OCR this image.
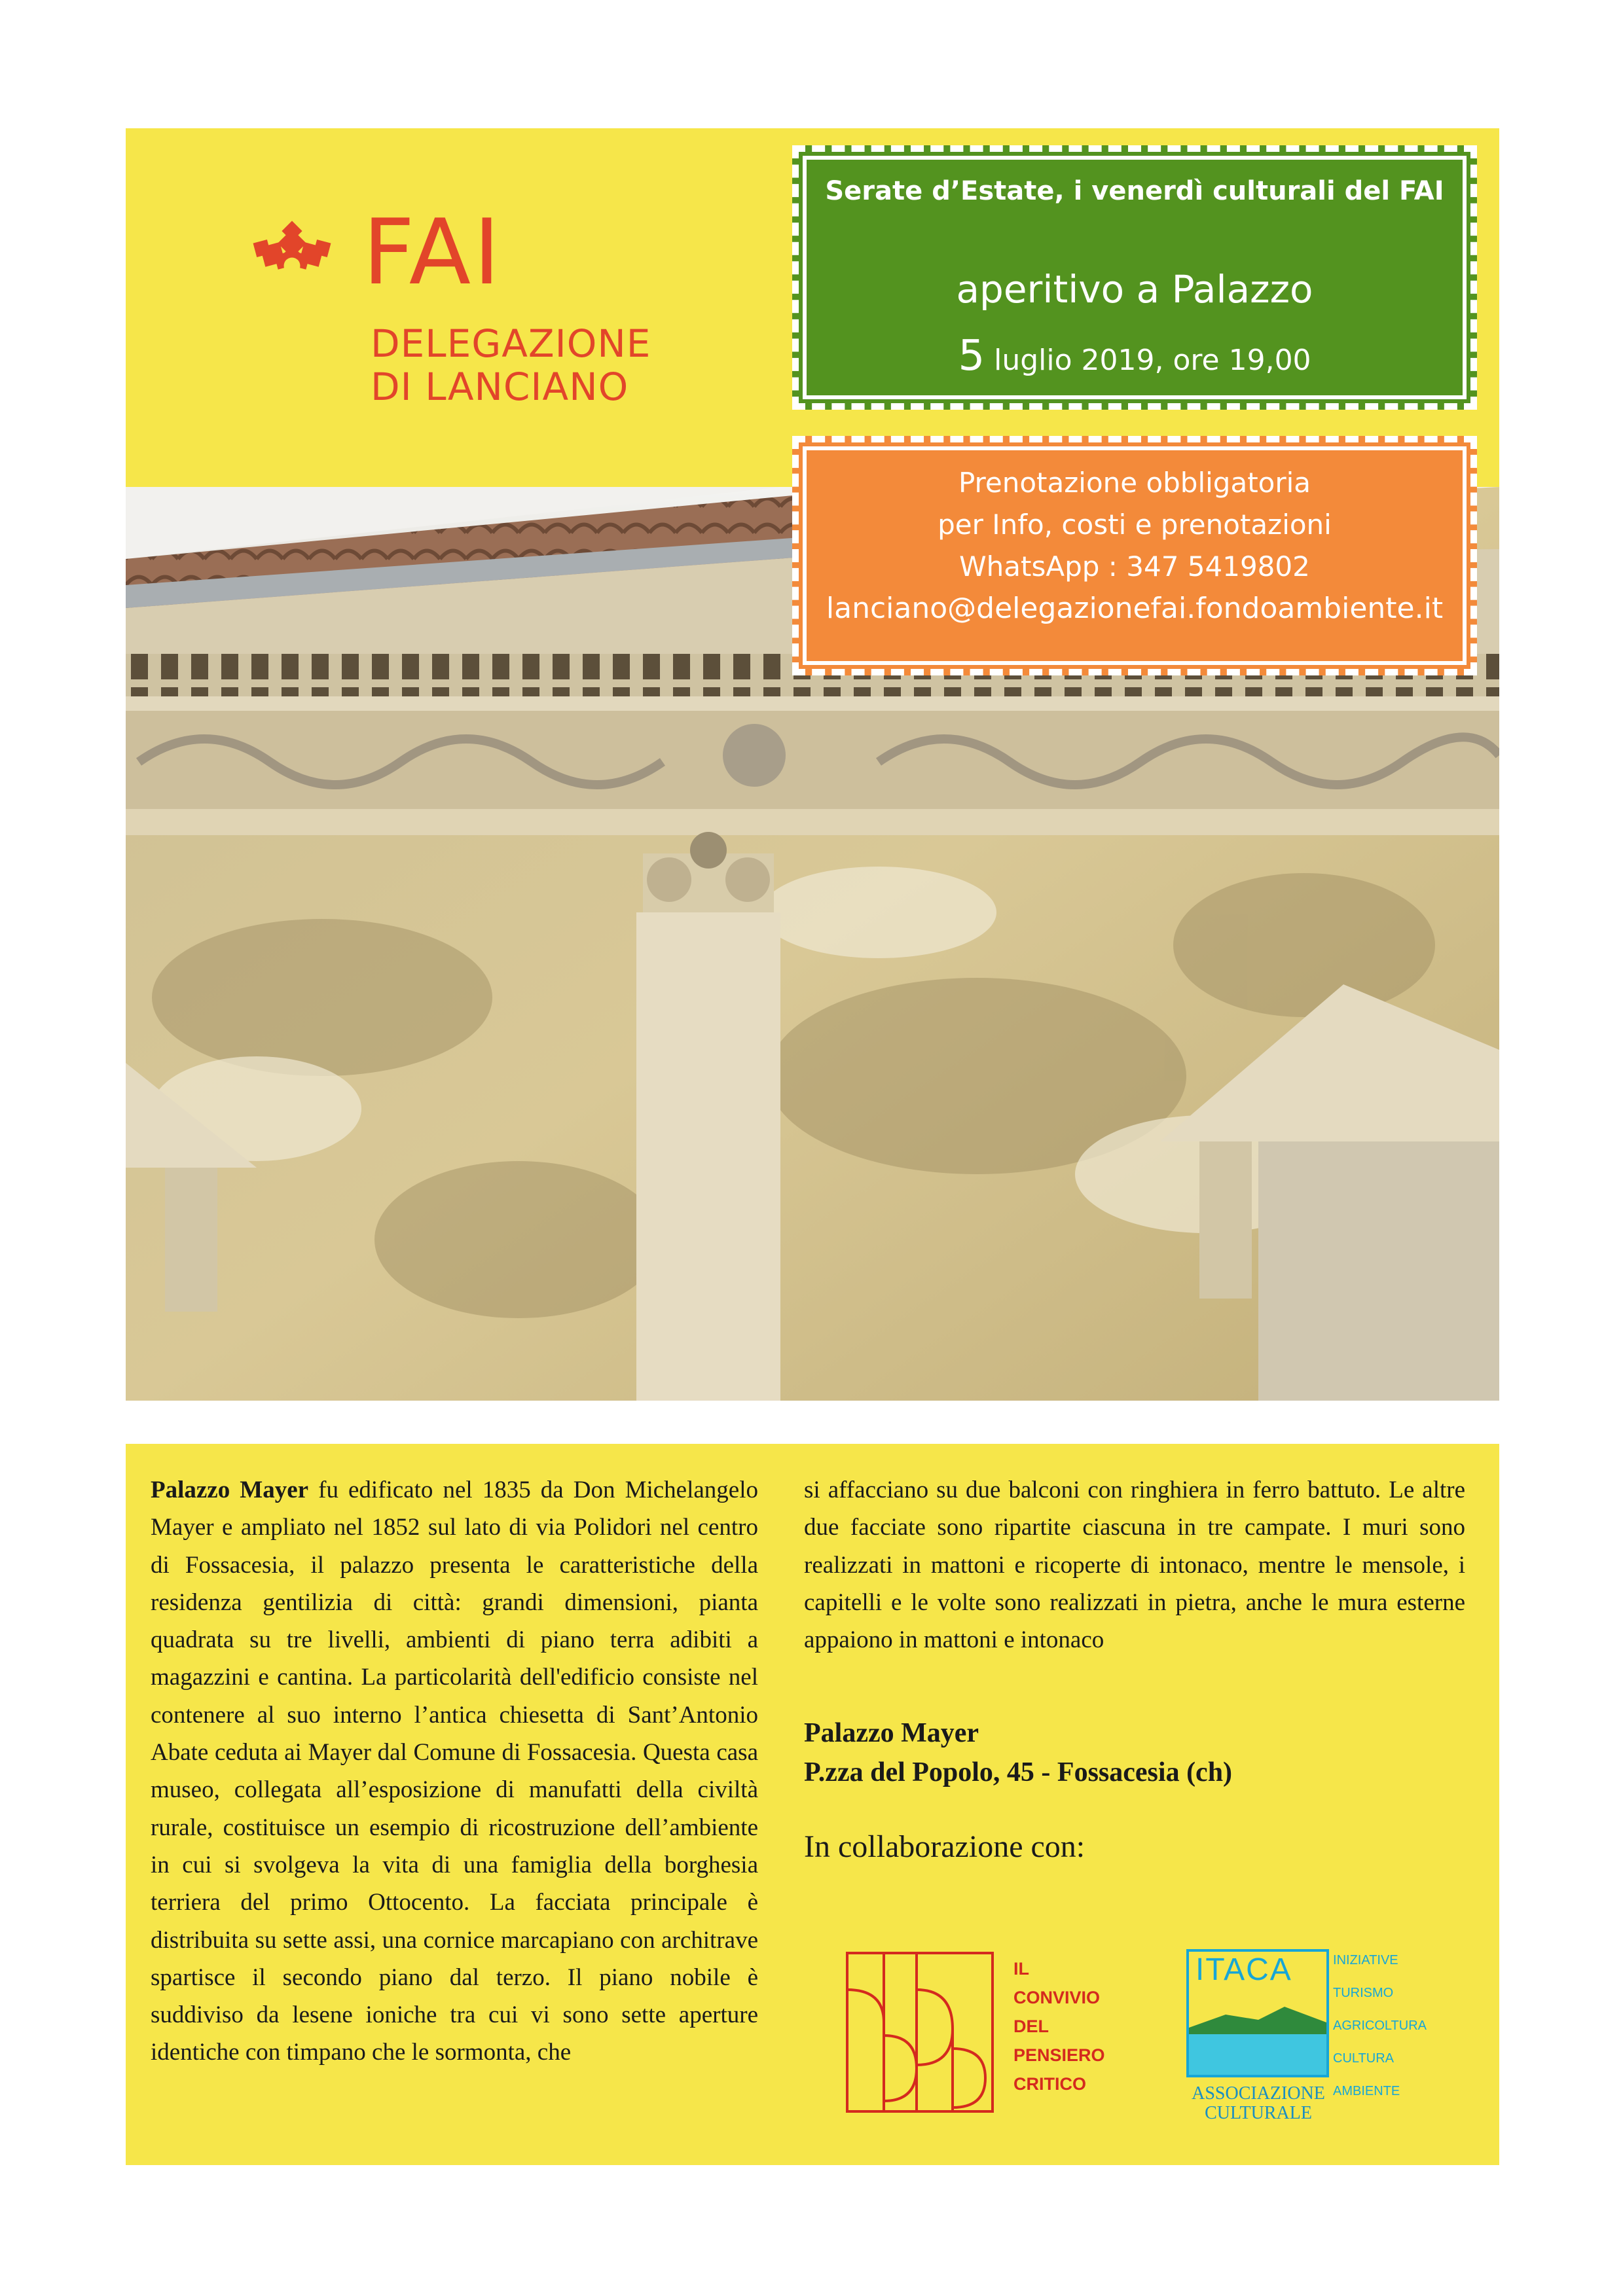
FAI
DELEGAZIONE
DI LANCIANO
Serate d’Estate, i venerdì culturali del FAI
aperitivo a Palazzo
5 luglio 2019, ore 19,00
Prenotazione obbligatoria
per Info, costi e prenotazioni
WhatsApp : 347 5419802
lanciano@delegazionefai.fondoambiente.it
Palazzo Mayer fu edificato nel 1835 da Don Michelangelo Mayer e ampliato nel 1852 sul lato di via Polidori nel centro di Fossacesia, il palazzo presenta le caratteristiche della residenza gentilizia di città: grandi dimensioni, pianta quadrata su tre livelli, ambienti di piano terra adibiti a magazzini e cantina. La particolarità dell'edificio consiste nel contenere al suo interno l’antica chiesetta di Sant’Antonio Abate ceduta ai Mayer dal Comune di Fossacesia. Questa casa museo, collegata all’esposizione di manufatti della civiltà rurale, costituisce un esempio di ricostruzione dell’ambiente in cui si svolgeva la vita di una famiglia della borghesia terriera del primo Ottocento. La facciata principale è distribuita su sette assi, una cornice marcapiano con architrave spartisce il secondo piano dal terzo. Il piano nobile è suddiviso da lesene ioniche tra cui vi sono sette aperture identiche con timpano che le sormonta, che
si affacciano su due balconi con ringhiera in ferro battuto. Le altre due facciate sono ripartite ciascuna in tre campate. I muri sono realizzati in mattoni e ricoperte di intonaco, mentre le mensole, i capitelli e le volte sono realizzati in pietra, anche le mura esterne appaiono in mattoni e intonaco
Palazzo Mayer
P.zza del Popolo, 45 - Fossacesia (ch)
In collaborazione con:
IL
CONVIVIO
DEL
PENSIERO
CRITICO
ITACA	INIZIATIVE
TURISMO
AGRICOLTURA
CULTURA
AMBIENTE
ASSOCIAZIONE
CULTURALE
